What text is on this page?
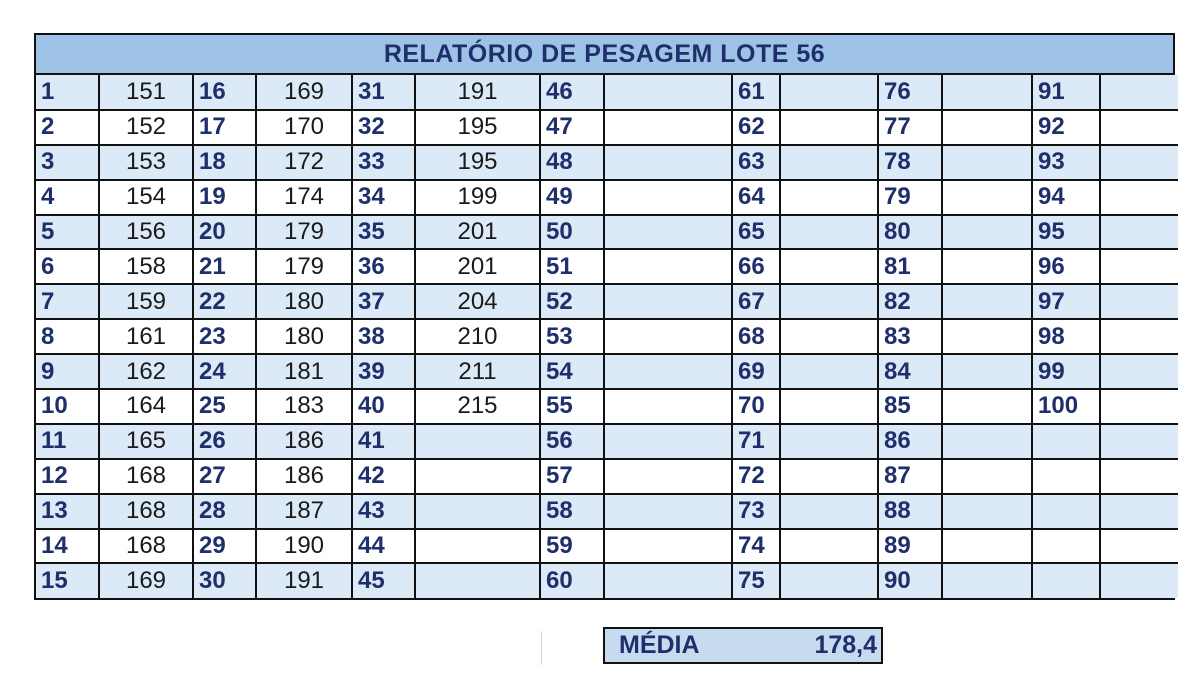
RELATÓRIO DE PESAGEM LOTE 56
1	151	16	169	31	191	46		61		76		91	
2	152	17	170	32	195	47		62		77		92	
3	153	18	172	33	195	48		63		78		93	
4	154	19	174	34	199	49		64		79		94	
5	156	20	179	35	201	50		65		80		95	
6	158	21	179	36	201	51		66		81		96	
7	159	22	180	37	204	52		67		82		97	
8	161	23	180	38	210	53		68		83		98	
9	162	24	181	39	211	54		69		84		99	
10	164	25	183	40	215	55		70		85		100	
11	165	26	186	41		56		71		86			
12	168	27	186	42		57		72		87			
13	168	28	187	43		58		73		88			
14	168	29	190	44		59		74		89			
15	169	30	191	45		60		75		90			
MÉDIA	178,4
